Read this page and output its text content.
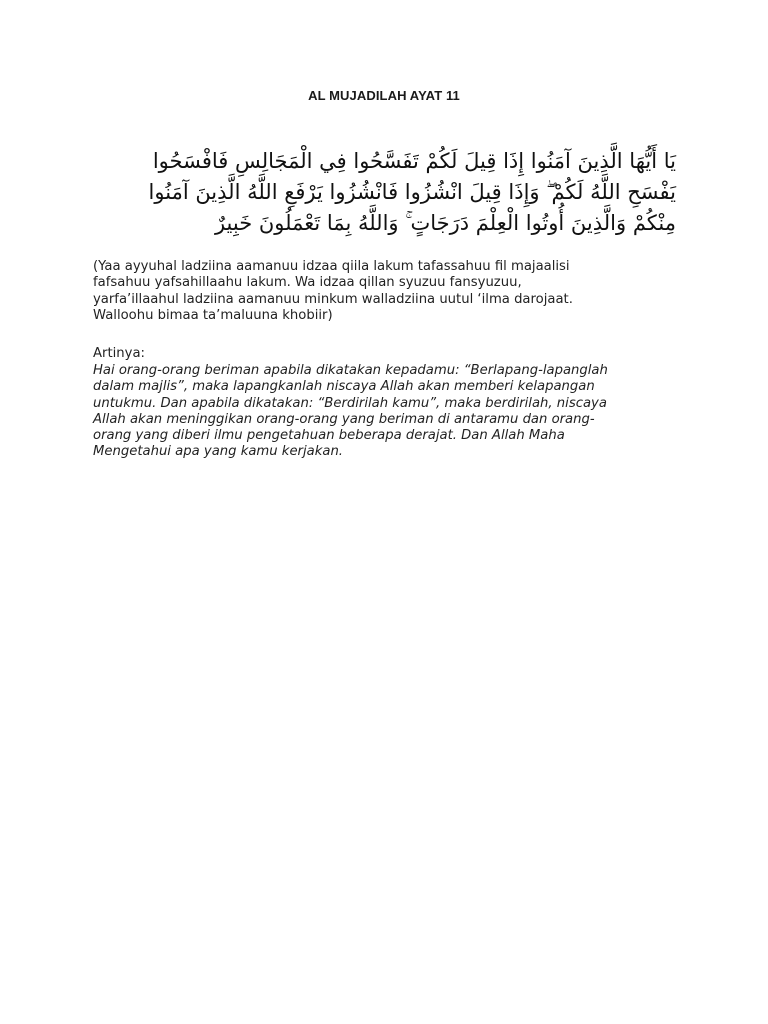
AL MUJADILAH AYAT 11
يَا أَيُّهَا الَّذِينَ آمَنُوا إِذَا قِيلَ لَكُمْ تَفَسَّحُوا فِي الْمَجَالِسِ فَافْسَحُوا
يَفْسَحِ اللَّهُ لَكُمْ ۖ وَإِذَا قِيلَ انْشُزُوا فَانْشُزُوا يَرْفَعِ اللَّهُ الَّذِينَ آمَنُوا
مِنْكُمْ وَالَّذِينَ أُوتُوا الْعِلْمَ دَرَجَاتٍ ۚ وَاللَّهُ بِمَا تَعْمَلُونَ خَبِيرٌ
(Yaa ayyuhal ladziina aamanuu idzaa qiila lakum tafassahuu fil majaalisi
fafsahuu yafsahillaahu lakum. Wa idzaa qillan syuzuu fansyuzuu,
yarfa’illaahul ladziina aamanuu minkum walladziina uutul ‘ilma darojaat.
Walloohu bimaa ta’maluuna khobiir)
Artinya:
Hai orang-orang beriman apabila dikatakan kepadamu: “Berlapang-lapanglah
dalam majlis”, maka lapangkanlah niscaya Allah akan memberi kelapangan
untukmu. Dan apabila dikatakan: “Berdirilah kamu”, maka berdirilah, niscaya
Allah akan meninggikan orang-orang yang beriman di antaramu dan orang-
orang yang diberi ilmu pengetahuan beberapa derajat. Dan Allah Maha
Mengetahui apa yang kamu kerjakan.
